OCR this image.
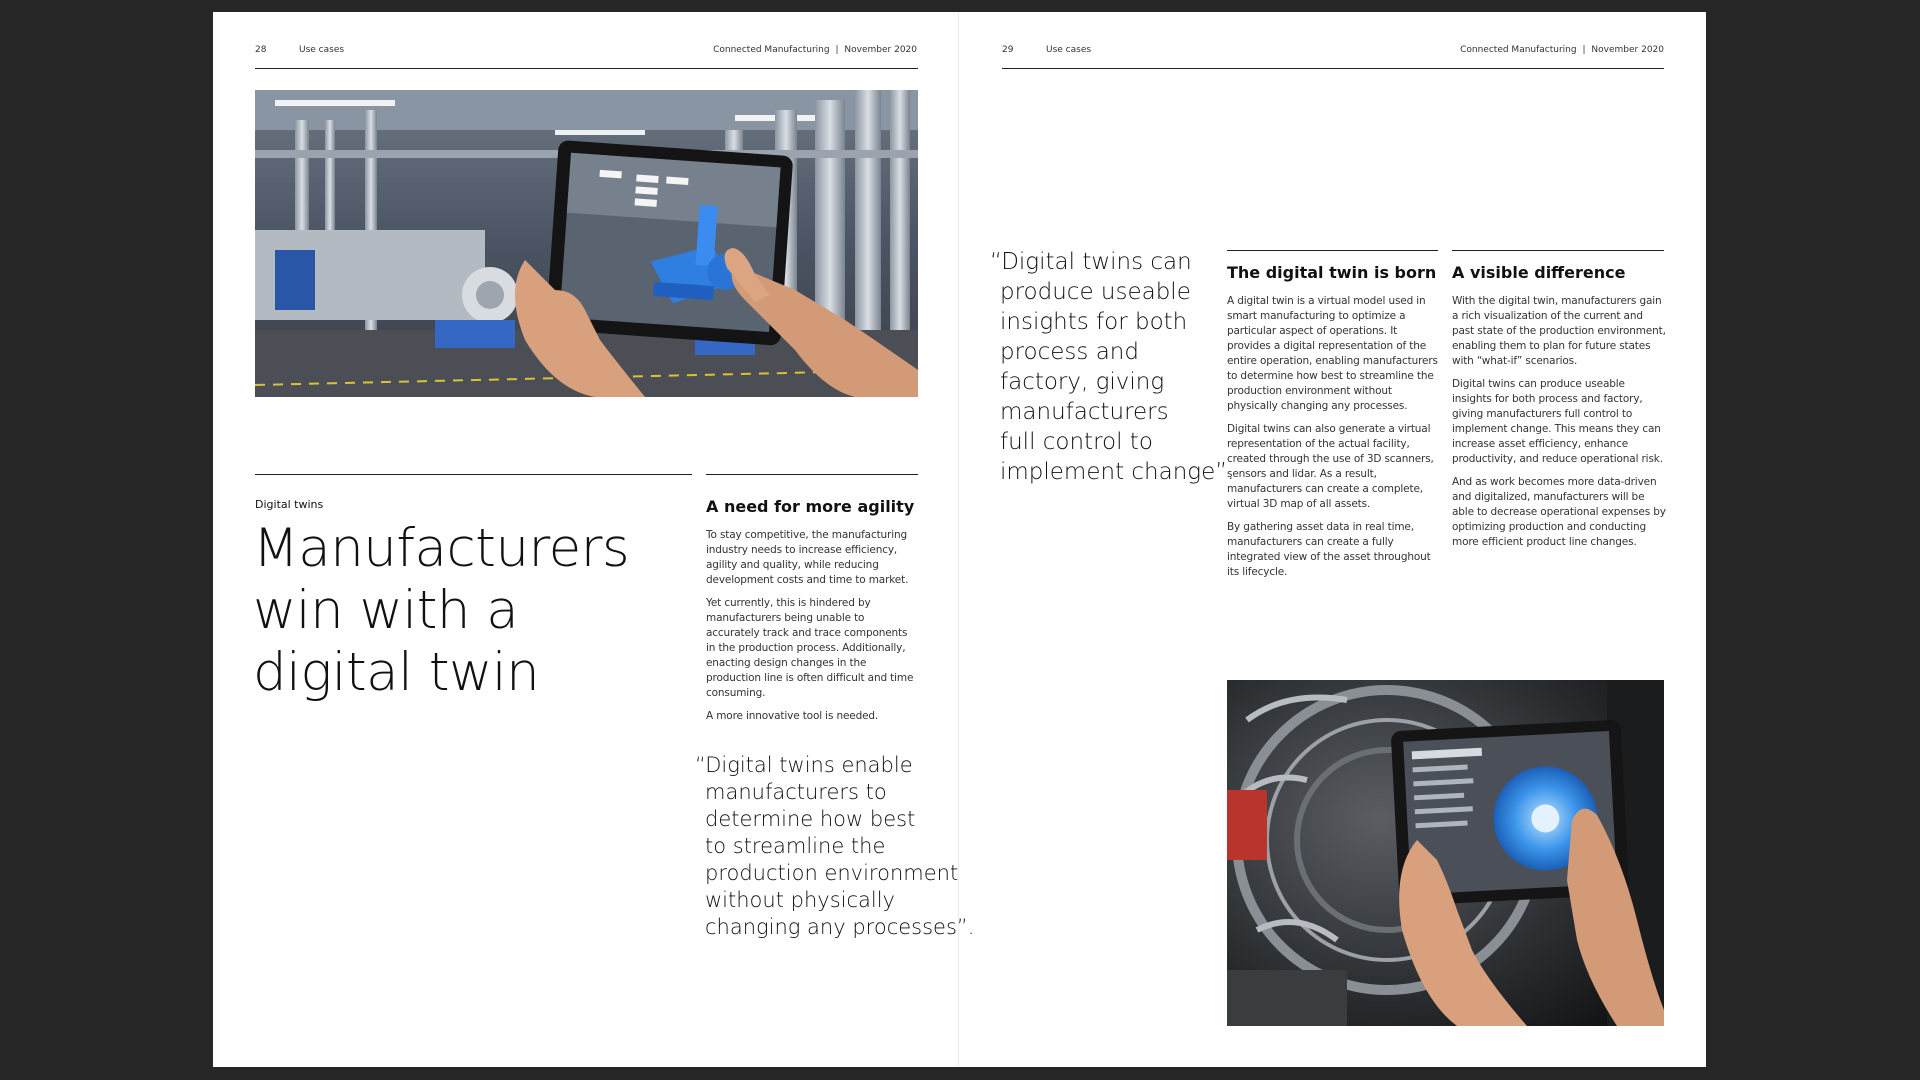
28	Use cases	Connected Manufacturing | November 2020
Digital twins
Manufacturers
win with a
digital twin
A need for more agility

To stay competitive, the manufacturing industry needs to increase efficiency, agility and quality, while reducing development costs and time to market.

Yet currently, this is hindered by manufacturers being unable to accurately track and trace components in the production process. Additionally, enacting design changes in the production line is often difficult and time consuming.

A more innovative tool is needed.

“Digital twins enable
manufacturers to
determine how best
to streamline the
production environment
without physically
changing any processes”.
29	Use cases	Connected Manufacturing | November 2020
“Digital twins can
produce useable
insights for both
process and
factory, giving
manufacturers
full control to
implement change”.
The digital twin is born

A digital twin is a virtual model used in smart manufacturing to optimize a particular aspect of operations. It provides a digital representation of the entire operation, enabling manufacturers to determine how best to streamline the production environment without physically changing any processes.

Digital twins can also generate a virtual representation of the actual facility, created through the use of 3D scanners, sensors and lidar. As a result, manufacturers can create a complete, virtual 3D map of all assets.

By gathering asset data in real time, manufacturers can create a fully integrated view of the asset throughout its lifecycle.

A visible difference

With the digital twin, manufacturers gain a rich visualization of the current and past state of the production environment, enabling them to plan for future states with “what-if” scenarios.

Digital twins can produce useable insights for both process and factory, giving manufacturers full control to implement change. This means they can increase asset efficiency, enhance productivity, and reduce operational risk.

And as work becomes more data-driven and digitalized, manufacturers will be able to decrease operational expenses by optimizing production and conducting more efficient product line changes.
